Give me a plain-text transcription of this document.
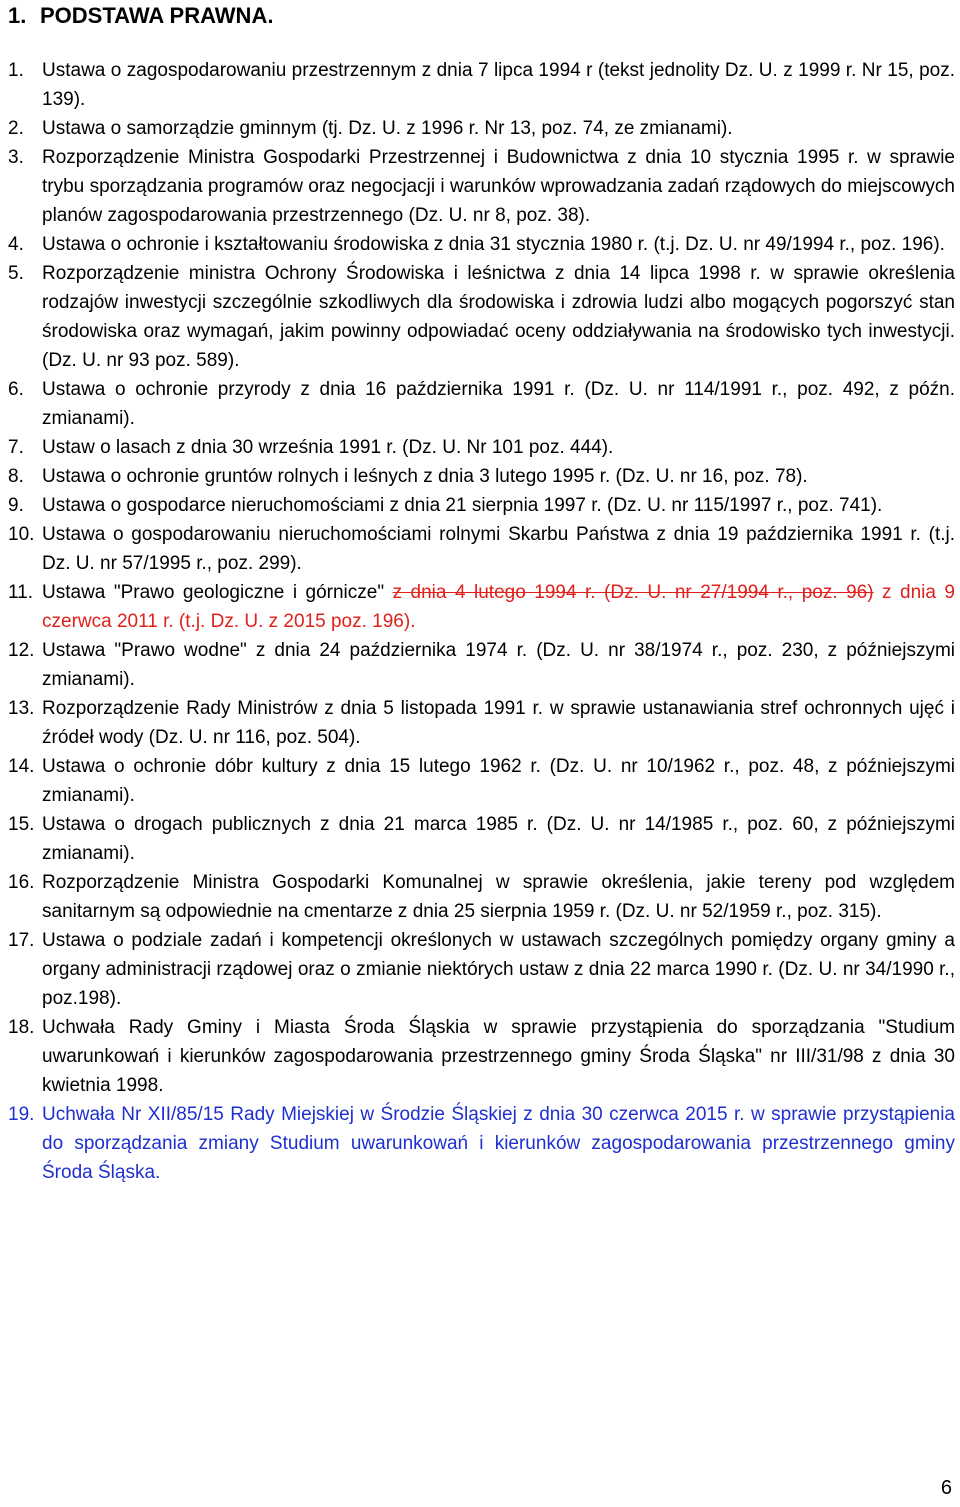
1. PODSTAWA PRAWNA.
1. Ustawa o zagospodarowaniu przestrzennym z dnia 7 lipca 1994 r (tekst jednolity Dz. U. z 1999 r. Nr 15, poz. 139).
2. Ustawa o samorządzie gminnym (tj. Dz. U. z 1996 r. Nr 13, poz. 74, ze zmianami).
3. Rozporządzenie Ministra Gospodarki Przestrzennej i Budownictwa z dnia 10 stycznia 1995 r. w sprawie trybu sporządzania programów oraz negocjacji i warunków wprowadzania zadań rządowych do miejscowych planów zagospodarowania przestrzennego (Dz. U. nr 8, poz. 38).
4. Ustawa o ochronie i kształtowaniu środowiska z dnia 31 stycznia 1980 r. (t.j. Dz. U. nr 49/1994 r., poz. 196).
5. Rozporządzenie ministra Ochrony Środowiska i leśnictwa z dnia 14 lipca 1998 r. w sprawie określenia rodzajów inwestycji szczególnie szkodliwych dla środowiska i zdrowia ludzi albo mogących pogorszyć stan środowiska oraz wymagań, jakim powinny odpowiadać oceny oddziaływania na środowisko tych inwestycji. (Dz. U. nr 93 poz. 589).
6. Ustawa o ochronie przyrody z dnia 16 października 1991 r. (Dz. U. nr 114/1991 r., poz. 492, z późn. zmianami).
7. Ustaw o lasach z dnia 30 września 1991 r. (Dz. U. Nr 101 poz. 444).
8. Ustawa o ochronie gruntów rolnych i leśnych z dnia 3 lutego 1995 r. (Dz. U. nr 16, poz. 78).
9. Ustawa o gospodarce nieruchomościami z dnia 21 sierpnia 1997 r. (Dz. U. nr 115/1997 r., poz. 741).
10. Ustawa o gospodarowaniu nieruchomościami rolnymi Skarbu Państwa z dnia 19 października 1991 r. (t.j. Dz. U. nr 57/1995 r., poz. 299).
11. Ustawa "Prawo geologiczne i górnicze" z dnia 4 lutego 1994 r. (Dz. U. nr 27/1994 r., poz. 96) z dnia 9 czerwca 2011 r. (t.j. Dz. U. z 2015 poz. 196).
12. Ustawa "Prawo wodne" z dnia 24 października 1974 r. (Dz. U. nr 38/1974 r., poz. 230, z późniejszymi zmianami).
13. Rozporządzenie Rady Ministrów z dnia 5 listopada 1991 r. w sprawie ustanawiania stref ochronnych ujęć i źródeł wody (Dz. U. nr 116, poz. 504).
14. Ustawa o ochronie dóbr kultury z dnia 15 lutego 1962 r. (Dz. U. nr 10/1962 r., poz. 48, z późniejszymi zmianami).
15. Ustawa o drogach publicznych z dnia 21 marca 1985 r. (Dz. U. nr 14/1985 r., poz. 60, z późniejszymi zmianami).
16. Rozporządzenie Ministra Gospodarki Komunalnej w sprawie określenia, jakie tereny pod względem sanitarnym są odpowiednie na cmentarze z dnia 25 sierpnia 1959 r. (Dz. U. nr 52/1959 r., poz. 315).
17. Ustawa o podziale zadań i kompetencji określonych w ustawach szczególnych pomiędzy organy gminy a organy administracji rządowej oraz o zmianie niektórych ustaw z dnia 22 marca 1990 r. (Dz. U. nr 34/1990 r., poz.198).
18. Uchwała Rady Gminy i Miasta Środa Śląskia w sprawie przystąpienia do sporządzania "Studium uwarunkowań i kierunków zagospodarowania przestrzennego gminy Środa Śląska" nr III/31/98 z dnia 30 kwietnia 1998.
19. Uchwała Nr XII/85/15 Rady Miejskiej w Środzie Śląskiej z dnia 30 czerwca 2015 r. w sprawie przystąpienia do sporządzania zmiany Studium uwarunkowań i kierunków zagospodarowania przestrzennego gminy Środa Śląska.
6
